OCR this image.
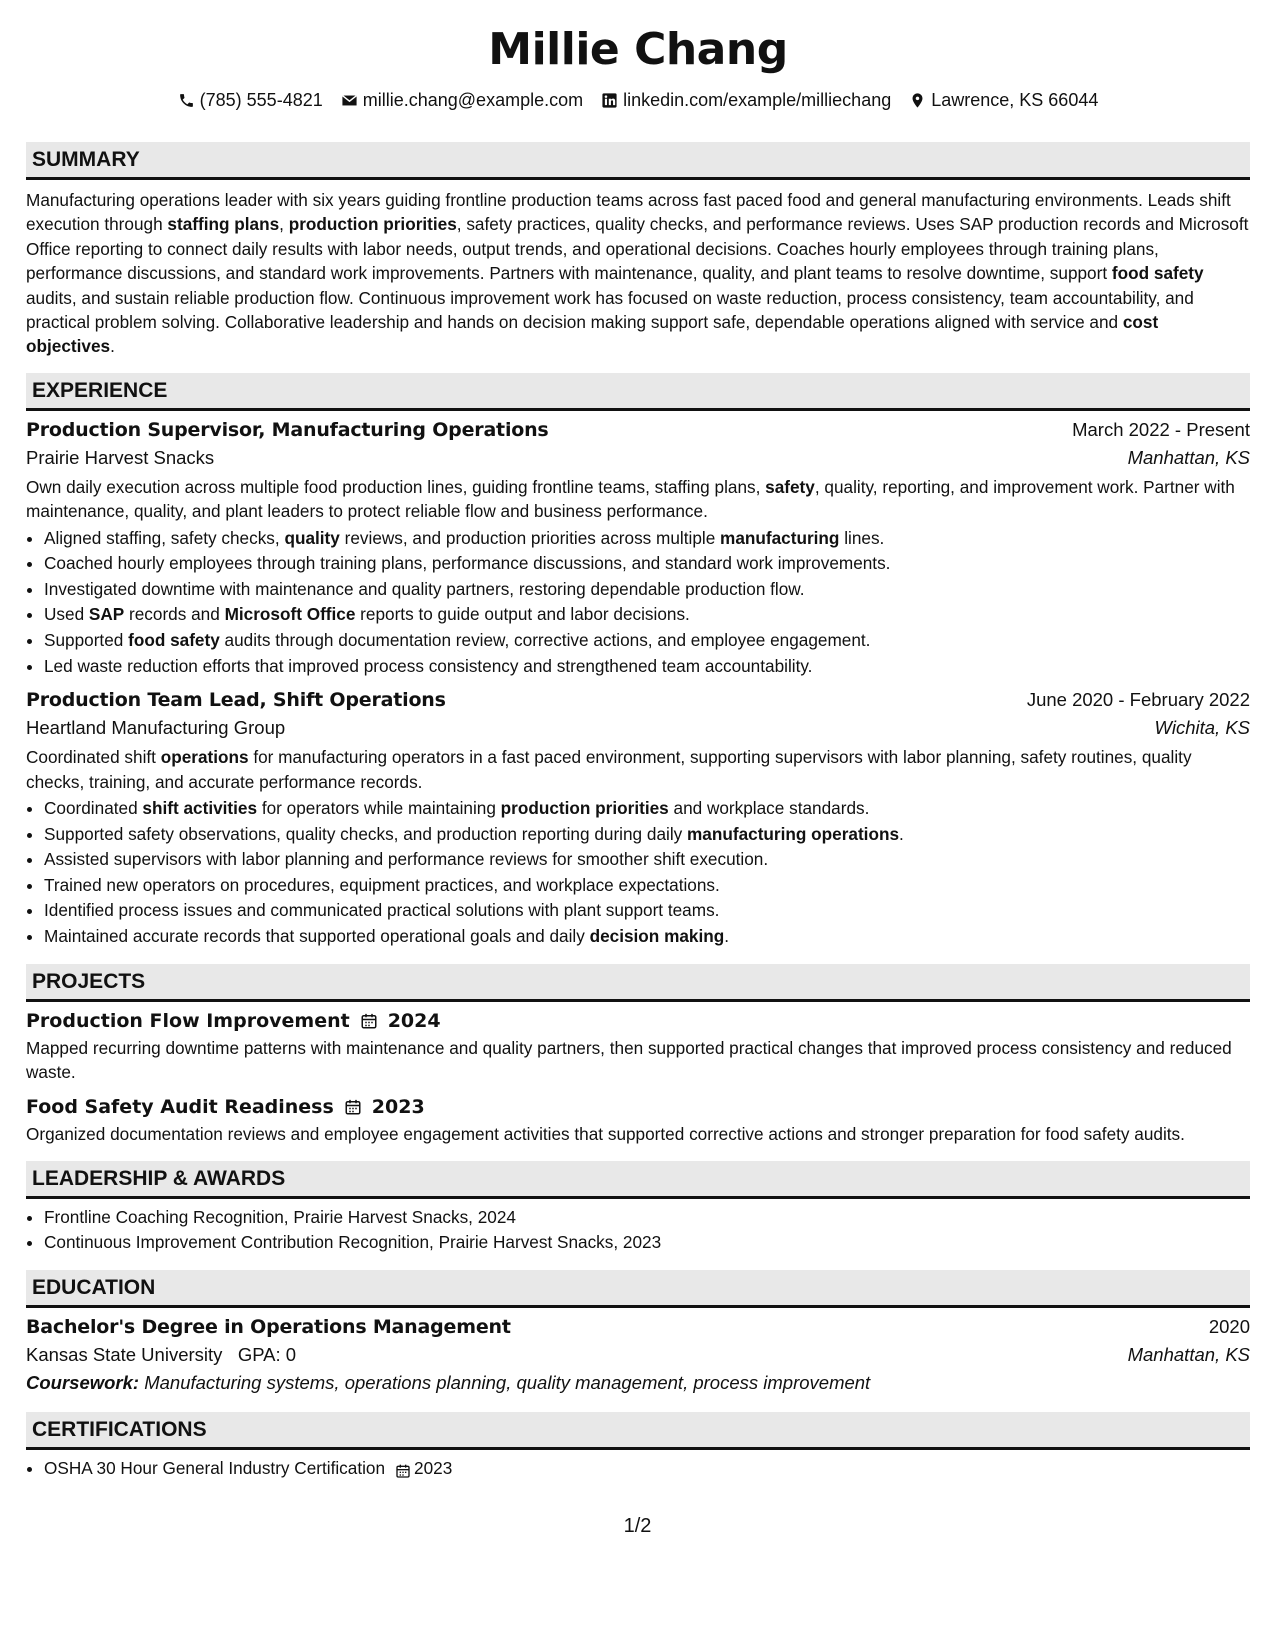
Millie Chang
(785) 555-4821 millie.chang@example.com linkedin.com/example/milliechang Lawrence, KS 66044
SUMMARY

Manufacturing operations leader with six years guiding frontline production teams across fast paced food and general manufacturing environments. Leads shift execution through staffing plans, production priorities, safety practices, quality checks, and performance reviews. Uses SAP production records and Microsoft Office reporting to connect daily results with labor needs, output trends, and operational decisions. Coaches hourly employees through training plans, performance discussions, and standard work improvements. Partners with maintenance, quality, and plant teams to resolve downtime, support food safety audits, and sustain reliable production flow. Continuous improvement work has focused on waste reduction, process consistency, team accountability, and practical problem solving. Collaborative leadership and hands on decision making support safe, dependable operations aligned with service and cost objectives.

EXPERIENCE
Production Supervisor, Manufacturing Operations	March 2022 - Present
Prairie Harvest Snacks	Manhattan, KS

Own daily execution across multiple food production lines, guiding frontline teams, staffing plans, safety, quality, reporting, and improvement work. Partner with maintenance, quality, and plant leaders to protect reliable flow and business performance.

• Aligned staffing, safety checks, quality reviews, and production priorities across multiple manufacturing lines.
• Coached hourly employees through training plans, performance discussions, and standard work improvements.
• Investigated downtime with maintenance and quality partners, restoring dependable production flow.
• Used SAP records and Microsoft Office reports to guide output and labor decisions.
• Supported food safety audits through documentation review, corrective actions, and employee engagement.
• Led waste reduction efforts that improved process consistency and strengthened team accountability.
Production Team Lead, Shift Operations	June 2020 - February 2022
Heartland Manufacturing Group	Wichita, KS

Coordinated shift operations for manufacturing operators in a fast paced environment, supporting supervisors with labor planning, safety routines, quality checks, training, and accurate performance records.

• Coordinated shift activities for operators while maintaining production priorities and workplace standards.
• Supported safety observations, quality checks, and production reporting during daily manufacturing operations.
• Assisted supervisors with labor planning and performance reviews for smoother shift execution.
• Trained new operators on procedures, equipment practices, and workplace expectations.
• Identified process issues and communicated practical solutions with plant support teams.
• Maintained accurate records that supported operational goals and daily decision making.
PROJECTS
Production Flow Improvement 2024

Mapped recurring downtime patterns with maintenance and quality partners, then supported practical changes that improved process consistency and reduced waste.

Food Safety Audit Readiness 2023

Organized documentation reviews and employee engagement activities that supported corrective actions and stronger preparation for food safety audits.

LEADERSHIP & AWARDS
• Frontline Coaching Recognition, Prairie Harvest Snacks, 2024
• Continuous Improvement Contribution Recognition, Prairie Harvest Snacks, 2023
EDUCATION
Bachelor's Degree in Operations Management	2020
Kansas State University GPA: 0	Manhattan, KS
Coursework: Manufacturing systems, operations planning, quality management, process improvement
CERTIFICATIONS
• OSHA 30 Hour General Industry Certification 2023
1/2
